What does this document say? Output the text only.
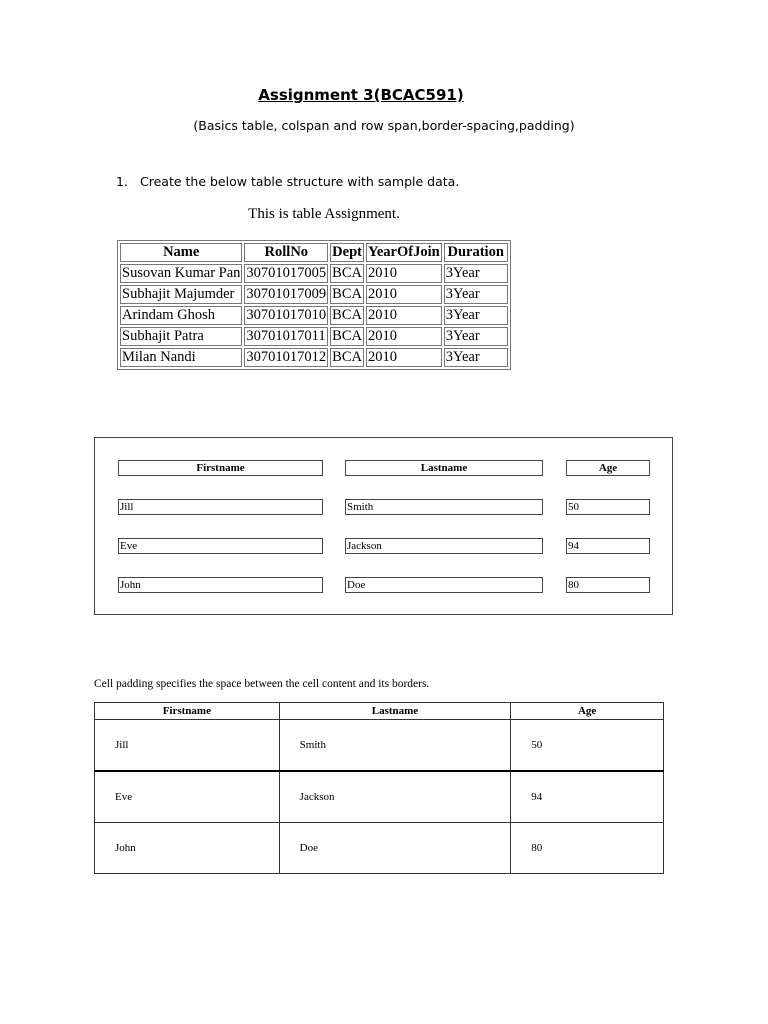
Assignment 3(BCAC591)
(Basics table, colspan and row span,border-spacing,padding)
1. Create the below table structure with sample data.
This is table Assignment.
Name	RollNo	Dept	YearOfJoin	Duration
Susovan Kumar Pan	30701017005	BCA	2010	3Year
Subhajit Majumder	30701017009	BCA	2010	3Year
Arindam Ghosh	30701017010	BCA	2010	3Year
Subhajit Patra	30701017011	BCA	2010	3Year
Milan Nandi	30701017012	BCA	2010	3Year
Firstname	Lastname	Age
Jill	Smith	50
Eve	Jackson	94
John	Doe	80
Cell padding specifies the space between the cell content and its borders.
Firstname	Lastname	Age
Jill	Smith	50
Eve	Jackson	94
John	Doe	80
